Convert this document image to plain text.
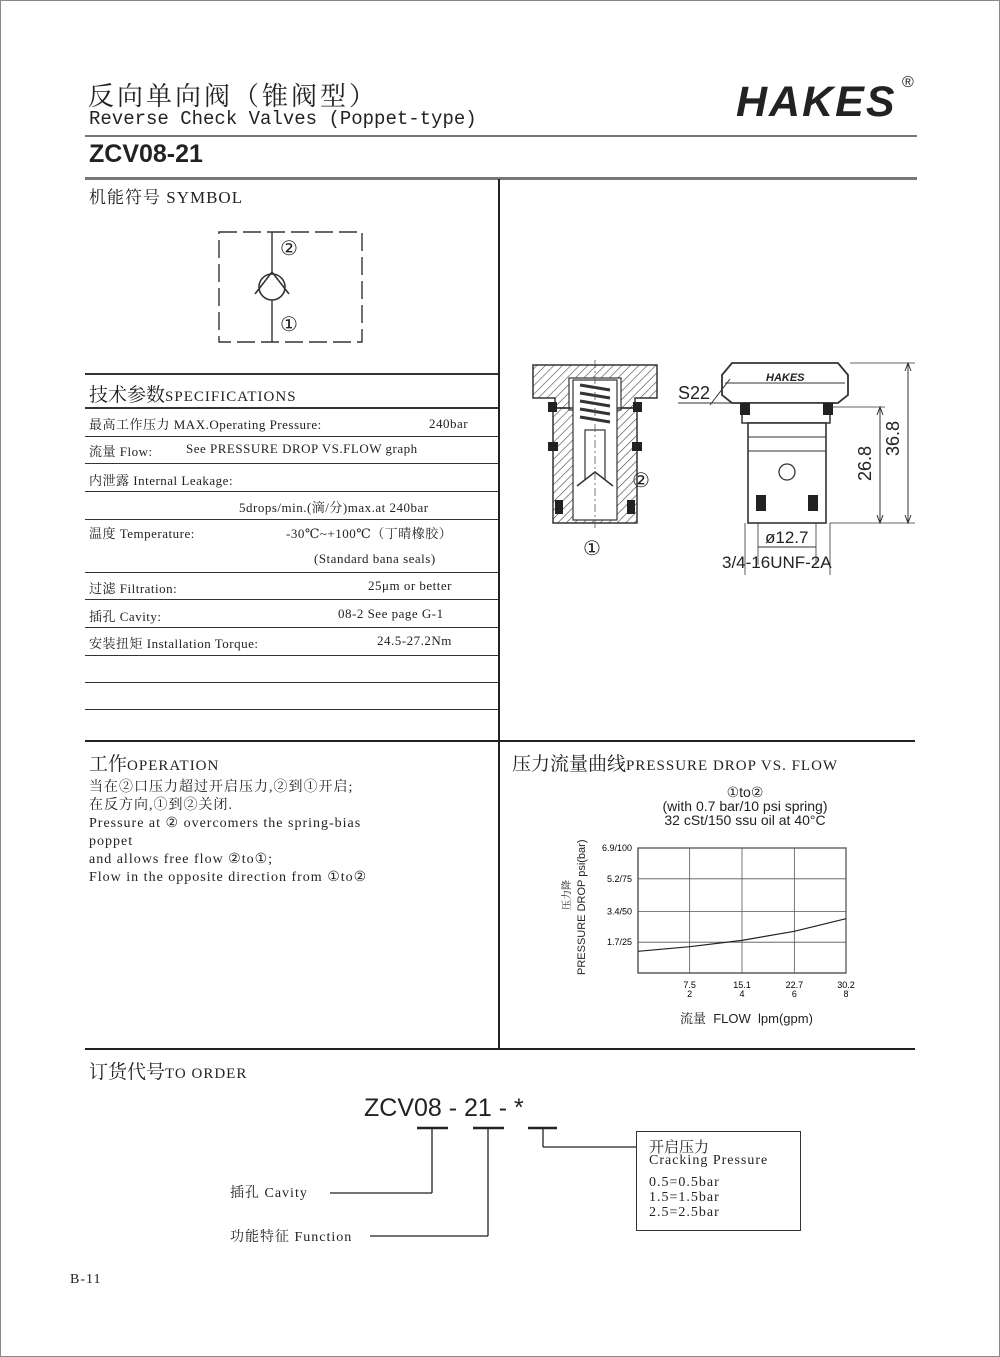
反向单向阀（锥阀型）
Reverse Check Valves (Poppet-type)	HAKES ®
ZCV08-21
机能符号 SYMBOL
②
①
技术参数SPECIFICATIONS
最高工作压力 MAX.Operating Pressure:	240bar
流量 Flow:	See PRESSURE DROP VS.FLOW graph
内泄露 Internal Leakage:
5drops/min.(滴/分)max.at 240bar
温度 Temperature:	-30℃~+100℃（丁晴橡胶）
(Standard bana seals)
过滤 Filtration:	25μm or better
插孔 Cavity:	08-2 See page G-1
安装扭矩 Installation Torque:	24.5-27.2Nm
②
①
S22
HAKES
26.8
36.8
ø12.7
3/4-16UNF-2A
工作OPERATION
当在②口压力超过开启压力,②到①开启;
在反方向,①到②关闭.
Pressure at ② overcomers the spring-bias
poppet
and allows free flow ②to①;
Flow in the opposite direction from ①to②
压力流量曲线PRESSURE DROP VS. FLOW
①to②
(with 0.7 bar/10 psi spring)
32 cSt/150 ssu oil at 40°C
压力降 PRESSURE DROP psi(bar) 1.7/25
3.4/50
5.2/75
6.9/100
7.5
2
15.1
4
22.7
6
30.2
8
流量  FLOW  lpm(gpm)
订货代号TO ORDER
ZCV08 - 21 - *
插孔 Cavity
功能特征 Function
开启压力
Cracking Pressure
0.5=0.5bar
1.5=1.5bar
2.5=2.5bar
B-11
